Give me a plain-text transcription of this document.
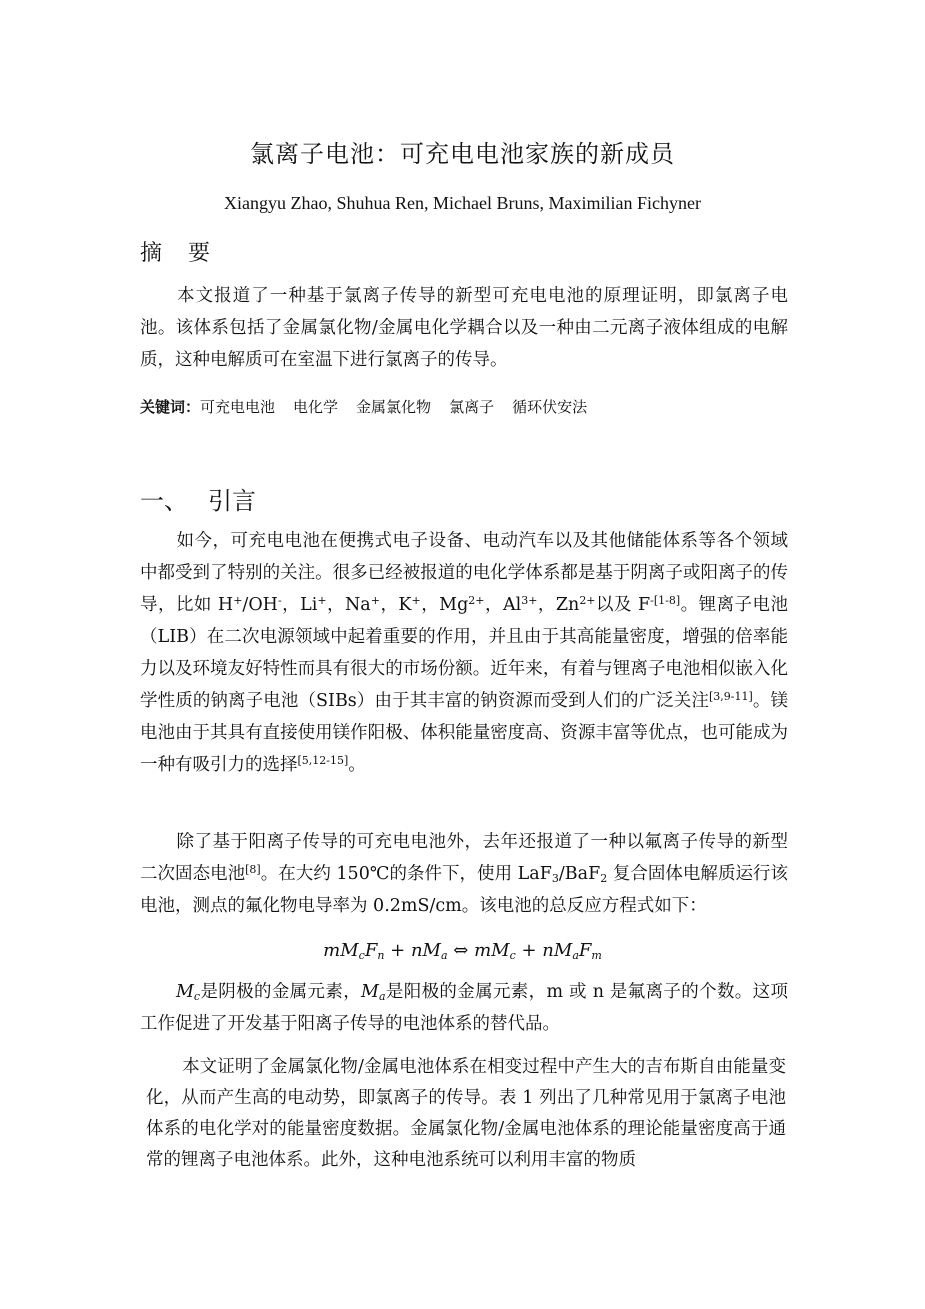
氯离子电池：可充电电池家族的新成员
Xiangyu Zhao, Shuhua Ren, Michael Bruns, Maximilian Fichyner
摘 要
本文报道了一种基于氯离子传导的新型可充电电池的原理证明，即氯离子电池。该体系包括了金属氯化物/金属电化学耦合以及一种由二元离子液体组成的电解质，这种电解质可在室温下进行氯离子的传导。
关键词：可充电电池 电化学 金属氯化物 氯离子 循环伏安法
一、 引言
如今，可充电电池在便携式电子设备、电动汽车以及其他储能体系等各个领域中都受到了特别的关注。很多已经被报道的电化学体系都是基于阴离子或阳离子的传导，比如 H+/OH-，Li+，Na+，K+，$Mg^{2+}$，$Al^{3+}$，$Zn^{2+}$以及 $F^{-[1-8]}$。锂离子电池（LIB）在二次电源领域中起着重要的作用，并且由于其高能量密度，增强的倍率能力以及环境友好特性而具有很大的市场份额。近年来，有着与锂离子电池相似嵌入化学性质的钠离子电池（SIBs）由于其丰富的钠资源而受到人们的广泛关注[3,9-11]。镁电池由于其具有直接使用镁作阳极、体积能量密度高、资源丰富等优点，也可能成为一种有吸引力的选择[5,12-15]。
除了基于阳离子传导的可充电电池外，去年还报道了一种以氟离子传导的新型二次固态电池[8]。在大约 150℃的条件下，使用 LaF$_3$/BaF$_2$ 复合固体电解质运行该电池，测点的氟化物电导率为 0.2mS/cm。该电池的总反应方程式如下：
$mM_cF_n + nM_a$ ⇔ $mM_c + nM_aF_m$
$M_c$是阴极的金属元素，$M_a$是阳极的金属元素，m 或 n 是氟离子的个数。这项工作促进了开发基于阳离子传导的电池体系的替代品。
本文证明了金属氯化物/金属电池体系在相变过程中产生大的吉布斯自由能量变化，从而产生高的电动势，即氯离子的传导。表 1 列出了几种常见用于氯离子电池体系的电化学对的能量密度数据。金属氯化物/金属电池体系的理论能量密度高于通常的锂离子电池体系。此外，这种电池系统可以利用丰富的物质
